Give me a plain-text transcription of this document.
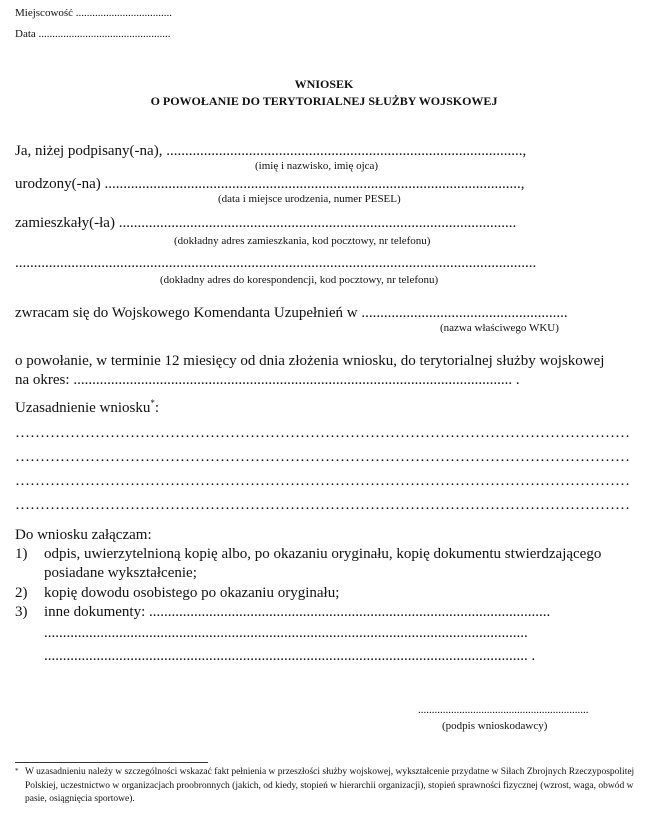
Miejscowość ...................................
Data ................................................
WNIOSEK
O POWOŁANIE DO TERYTORIALNEJ SŁUŻBY WOJSKOWEJ
Ja, niżej podpisany(-na), ...............................................................................................,
(imię i nazwisko, imię ojca)
urodzony(-na) ...............................................................................................................,
(data i miejsce urodzenia, numer PESEL)
zamieszkały(-ła) ..........................................................................................................
(dokładny adres zamieszkania, kod pocztowy, nr telefonu)
...........................................................................................................................................
(dokładny adres do korespondencji, kod pocztowy, nr telefonu)
zwracam się do Wojskowego Komendanta Uzupełnień w .......................................................
(nazwa właściwego WKU)
o powołanie, w terminie 12 miesięcy od dnia złożenia wniosku, do terytorialnej służby wojskowej
na okres: ..................................................................................................................... .
Uzasadnienie wniosku*:
……………………………………………………………………………………………………………
……………………………………………………………………………………………………………
……………………………………………………………………………………………………………
……………………………………………………………………………………………………………
Do wniosku załączam:
1) odpis, uwierzytelnioną kopię albo, po okazaniu oryginału, kopię dokumentu stwierdzającego
posiadane wykształcenie;
2) kopię dowodu osobistego po okazaniu oryginału;
3) inne dokumenty: ...........................................................................................................
.................................................................................................................................
................................................................................................................................. .
..............................................................
(podpis wnioskodawcy)
* W uzasadnieniu należy w szczególności wskazać fakt pełnienia w przeszłości służby wojskowej, wykształcenie przydatne w Siłach Zbrojnych Rzeczypospolitej Polskiej, uczestnictwo w organizacjach proobronnych (jakich, od kiedy, stopień w hierarchii organizacji), stopień sprawności fizycznej (wzrost, waga, obwód w pasie, osiągnięcia sportowe).
